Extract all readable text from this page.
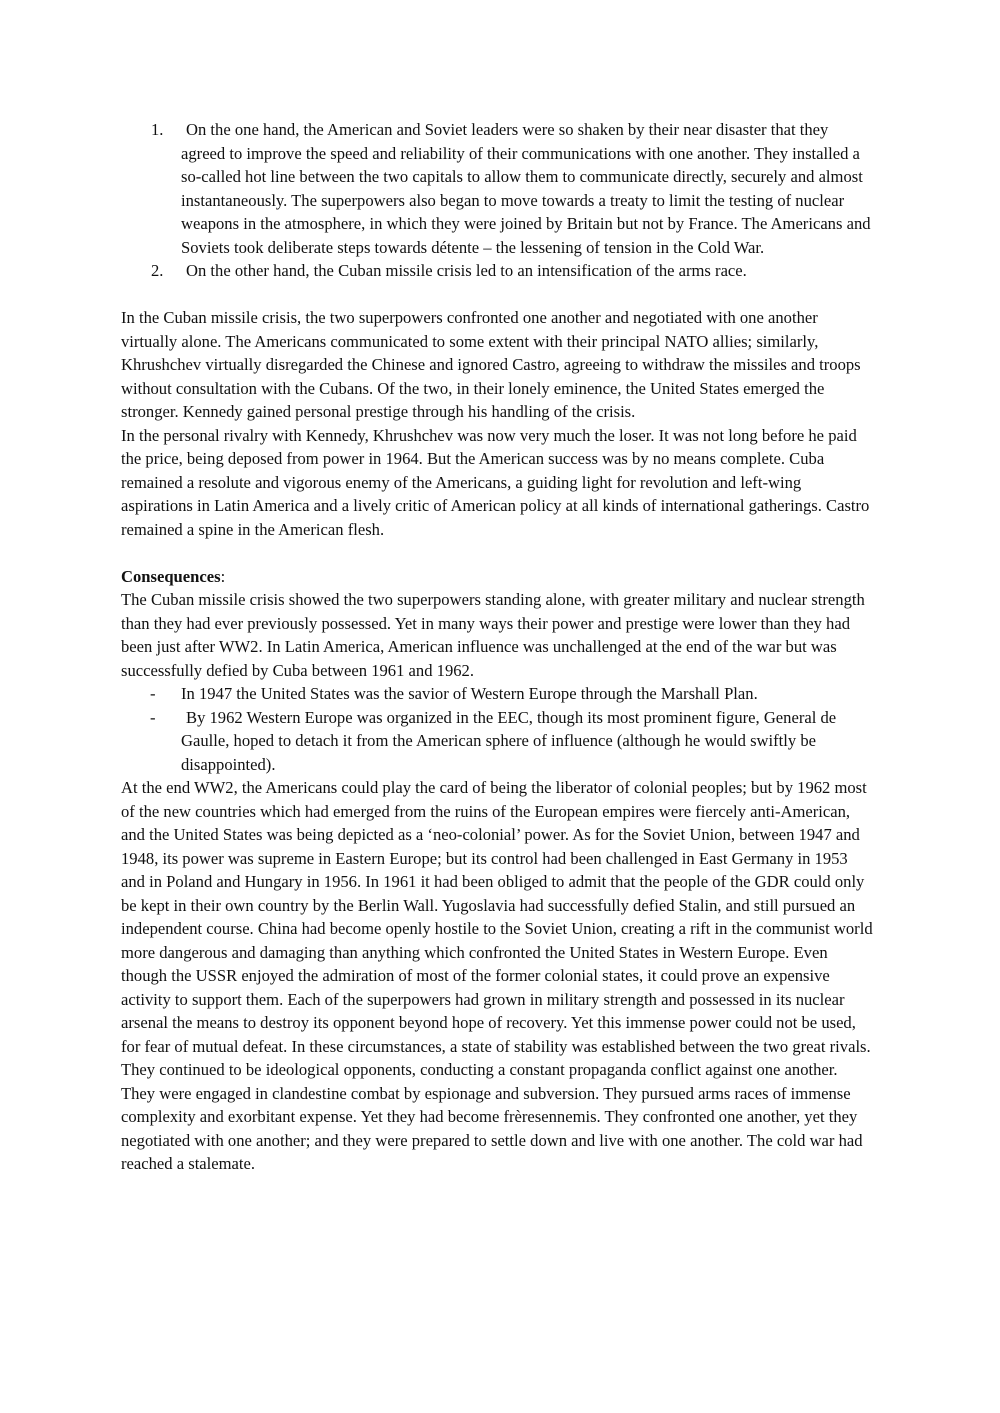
1.	On the one hand, the American and Soviet leaders were so shaken by their near disaster that they agreed to improve the speed and reliability of their communications with one another. They installed a so-called hot line between the two capitals to allow them to communicate directly, securely and almost instantaneously. The superpowers also began to move towards a treaty to limit the testing of nuclear weapons in the atmosphere, in which they were joined by Britain but not by France. The Americans and Soviets took deliberate steps towards détente – the lessening of tension in the Cold War.
2.	On the other hand, the Cuban missile crisis led to an intensification of the arms race.

In the Cuban missile crisis, the two superpowers confronted one another and negotiated with one another virtually alone. The Americans communicated to some extent with their principal NATO allies; similarly, Khrushchev virtually disregarded the Chinese and ignored Castro, agreeing to withdraw the missiles and troops without consultation with the Cubans. Of the two, in their lonely eminence, the United States emerged the stronger. Kennedy gained personal prestige through his handling of the crisis.

In the personal rivalry with Kennedy, Khrushchev was now very much the loser. It was not long before he paid the price, being deposed from power in 1964. But the American success was by no means complete. Cuba remained a resolute and vigorous enemy of the Americans, a guiding light for revolution and left-wing aspirations in Latin America and a lively critic of American policy at all kinds of international gatherings. Castro remained a spine in the American flesh.

Consequences:

The Cuban missile crisis showed the two superpowers standing alone, with greater military and nuclear strength than they had ever previously possessed. Yet in many ways their power and prestige were lower than they had been just after WW2. In Latin America, American influence was unchallenged at the end of the war but was successfully defied by Cuba between 1961 and 1962.

- In 1947 the United States was the savior of Western Europe through the Marshall Plan.
-	By 1962 Western Europe was organized in the EEC, though its most prominent figure, General de Gaulle, hoped to detach it from the American sphere of influence (although he would swiftly be disappointed).

At the end WW2, the Americans could play the card of being the liberator of colonial peoples; but by 1962 most of the new countries which had emerged from the ruins of the European empires were fiercely anti-American, and the United States was being depicted as a ‘neo-colonial’ power. As for the Soviet Union, between 1947 and 1948, its power was supreme in Eastern Europe; but its control had been challenged in East Germany in 1953 and in Poland and Hungary in 1956. In 1961 it had been obliged to admit that the people of the GDR could only be kept in their own country by the Berlin Wall. Yugoslavia had successfully defied Stalin, and still pursued an independent course. China had become openly hostile to the Soviet Union, creating a rift in the communist world more dangerous and damaging than anything which confronted the United States in Western Europe. Even though the USSR enjoyed the admiration of most of the former colonial states, it could prove an expensive activity to support them. Each of the superpowers had grown in military strength and possessed in its nuclear arsenal the means to destroy its opponent beyond hope of recovery. Yet this immense power could not be used, for fear of mutual defeat. In these circumstances, a state of stability was established between the two great rivals. They continued to be ideological opponents, conducting a constant propaganda conflict against one another. They were engaged in clandestine combat by espionage and subversion. They pursued arms races of immense complexity and exorbitant expense. Yet they had become frèresennemis. They confronted one another, yet they negotiated with one another; and they were prepared to settle down and live with one another. The cold war had reached a stalemate.
